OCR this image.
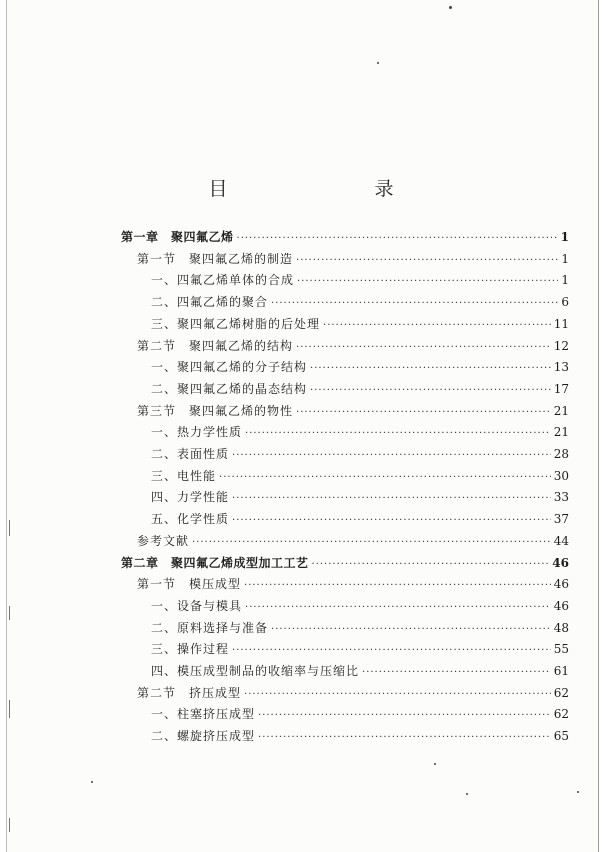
目　录
第一章　聚四氟乙烯 ·····	1
第一节　聚四氟乙烯的制造 ·····	1
一、四氟乙烯单体的合成 ·····	1
二、四氟乙烯的聚合 ·····	6
三、聚四氟乙烯树脂的后处理 ·····	11
第二节　聚四氟乙烯的结构 ·····	12
一、聚四氟乙烯的分子结构 ·····	13
二、聚四氟乙烯的晶态结构 ·····	17
第三节　聚四氟乙烯的物性 ·····	21
一、热力学性质 ·····	21
二、表面性质 ·····	28
三、电性能 ·····	30
四、力学性能 ·····	33
五、化学性质 ·····	37
参考文献 ·····	44
第二章　聚四氟乙烯成型加工工艺 ·····	46
第一节　模压成型 ·····	46
一、设备与模具 ·····	46
二、原料选择与准备 ·····	48
三、操作过程 ·····	55
四、模压成型制品的收缩率与压缩比 ·····	61
第二节　挤压成型 ·····	62
一、柱塞挤压成型 ·····	62
二、螺旋挤压成型 ·····	65
